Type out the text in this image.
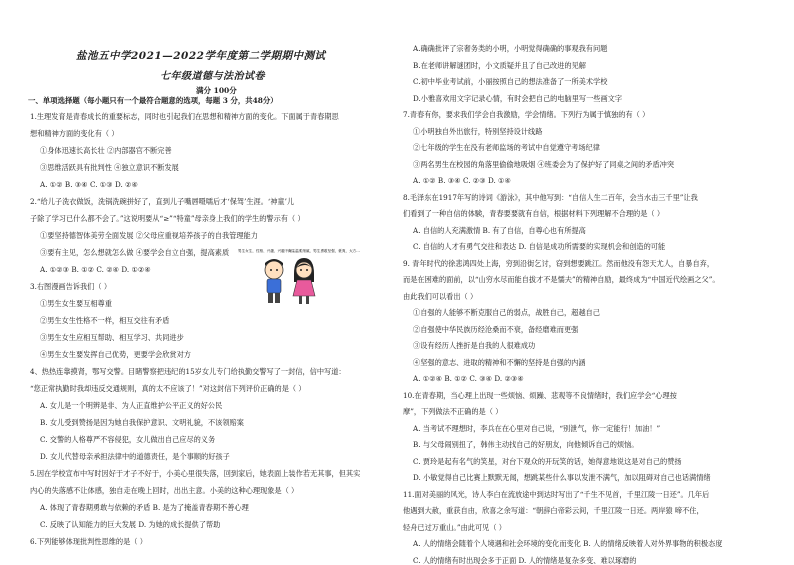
盐池五中学2021—2022学年度第二学期期中测试
七年级道德与法治试卷
满分 100分
一、单项选择题（每小题只有一个最符合题意的选项，每题 3 分，共48分）
1.生理发育是青春成长的重要标志，同时也引起我们在思想和精神方面的变化。下面属于青春期思
想和精神方面的变化有（ ）
①身体迅速长高长壮 ②内部器官不断完善
③思维活跃具有批判性 ④独立意识不断发展
A. ①② B. ③④ C. ①③ D. ②④
2.“给儿子洗衣做饭，洗锅洗碗拼好了，直到儿子嘴唇嗫嚅后才‘保驾’生涯。‘神童’儿
子除了学习已什么都不会了。”这说明要从“≥”“特童”母亲身上我们的学生的警示有（ ）
①要坚持德智体美劳全面发展 ②父母应重视培养孩子的自我管理能力
③要有主见，怎么想就怎么做 ④要学会自立自强，提高素质
A. ①②③ B. ①② C. ②④ D. ①②④
3.右图漫画告诉我们（ ）
①男生女生要互相尊重
②男生女生性格不一样，相互交往有矛盾
③男生女生应相互帮助、相互学习、共同进步
④男生女生要发挥自己优势，更要学会欣赏对方
4、热热连靠摸肾，鄂写交警。目睹警察把违纪的15岁女儿专门给执勤交警写了一封信，信中写道：
“您正常执勤时我却违反交通规则，真的太不应该了！”对这封信下列评价正确的是（ ）
A. 女儿是一个明辨是非、为人正直维护公平正义的好公民
B. 女儿受到赞扬是因为她自我保护意识、文明礼貌，不该领赔案
C. 交警的人格尊严不容侵犯，女儿做出自己应尽的义务
D. 女儿代替母亲承担法律中的道德责任，是个事顺的好孩子
5.因在学校宣布中写时因好于才子不好于，小美心里很失落，回到家后，她表面上装作若无其事，但其实
内心的失落感不让体感，独自走在晚上回时，出出主意。小美的这种心理现象是（ ）
A. 体现了青春期勇敢与依赖的矛盾 B. 是为了掩盖青春期不善心理
C. 反映了认知能力的巨大发展 D. 为她的成长提供了帮助
6.下列能够体现批判性思维的是（ ）
男生女生，性格、兴趣、兴趣不同…
女生温柔细腻，男生勇敢坚强，豪爽，大方…
A.确确批评了宗奢务类的小明，小明觉得确确的事观我有问题
B.在老师讲解谜团时，小文质疑并且了自己改进的见解
C.初中毕业考试前，小丽按照自己的想法准备了一所美术学校
D.小雅喜欢用文字记录心情，有时会把自己的电脑里写一些画文字
7.青春有你，要求我们学会自我激励，学会情绪。下列行为属于慎独的有（ ）
①小明独自外出旅行，特别坚持设计线路
②七年级的学生在没有老师监场的考试中自觉遵守考场纪律
③两名男生在校园的角落里偷偷地吸烟 ④班委会为了保护好了同桌之间的矛盾冲突
A. ①② B. ③④ C. ②③ D. ①④
8.毛泽东在1917年写的诗词《游泳》，其中他写到：“自信人生二百年，会当水击三千里”让我
们看到了一种自信的体験，青春要要就有自信，根据材料下列理解不合理的是（ ）
A. 自信的人充满激情 B. 有了自信，自尊心也有所提高
C. 自信的人才有勇气交往和表达 D. 自信是成功所需要的实现机会和创造的可能
9. 青年时代的徐悲鸿四处上海，穷到沿街乞讨，窃到想要跳江。然而他没有怨天尤人，自暴自弃，
而是在困难的面前，以“山穷水尽而能自拔才不是懦夫”的精神自励，最终成为“中国近代绘画之父”。
由此我们可以看出（ ）
①自强的人能够不断克服自己的弱点，战胜自己，超越自己
②自强使中华民族历经沧桑而不衰，备经磨难而更强
③设有经历人挫折是自我的人很难成功
④坚强的意志、进取的精神和不懈的坚持是自强的内涵
A. ①②④ B. ①② C. ③④ D. ②③④
10.在青春期，当心理上出现一些烦恼、烦躁、悲观等不良情绪时，我们应学会“心理按
摩”，下列做法不正确的是（ ）
A. 当考试不理想时，李兵在在心里对自己说，“别泄气，你一定能行！加油！”
B. 与父母闹别扭了，韩伟主动找自己的好朋友，向他倾诉自己的烦恼。
C. 贾玲是起有名气的笑星，对台下观众的开玩笑的话，她得意地说这是对自己的赞扬
D. 小敏觉得自己比赛上默默无闻，想跳某些什么事以发泄不满气，加以阻碍对自己也话满情绪
11.面对美丽的风光，诗人李白在流放途中到达时写出了“千生不见首，千里江陵一日还”。几年后
他遇到大赦，重获自由，欣喜之余写道：“朝辞白帝彩云间，千里江陵一日还。两岸猿 啼不住，
轻舟已过万重山。”由此可见（ ）
A. 人的情绪会随着个人境遇和社会环境的变化而变化 B. 人的情绪反映着人对外界事物的积极态度
C. 人的情绪有时出现会多于正面 D. 人的情绪是复杂多变、难以琢磨的
